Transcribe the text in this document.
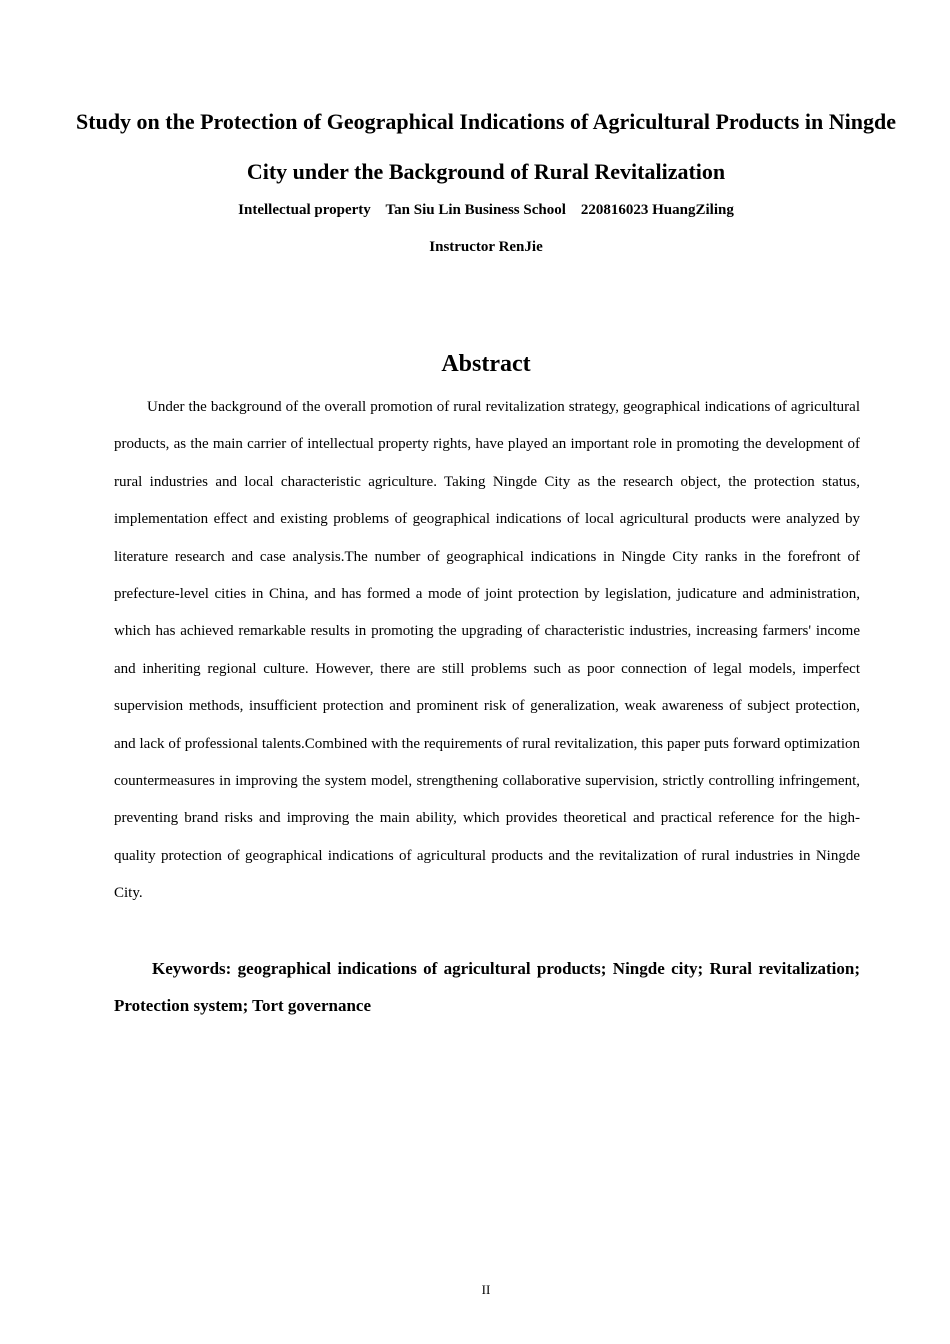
Study on the Protection of Geographical Indications of Agricultural Products in Ningde City under the Background of Rural Revitalization

Intellectual property    Tan Siu Lin Business School    220816023 HuangZiling

Instructor RenJie

Abstract

Under the background of the overall promotion of rural revitalization strategy, geographical indications of agricultural products, as the main carrier of intellectual property rights, have played an important role in promoting the development of rural industries and local characteristic agriculture. Taking Ningde City as the research object, the protection status, implementation effect and existing problems of geographical indications of local agricultural products were analyzed by literature research and case analysis.The number of geographical indications in Ningde City ranks in the forefront of prefecture-level cities in China, and has formed a mode of joint protection by legislation, judicature and administration, which has achieved remarkable results in promoting the upgrading of characteristic industries, increasing farmers' income and inheriting regional culture. However, there are still problems such as poor connection of legal models, imperfect supervision methods, insufficient protection and prominent risk of generalization, weak awareness of subject protection, and lack of professional talents.Combined with the requirements of rural revitalization, this paper puts forward optimization countermeasures in improving the system model, strengthening collaborative supervision, strictly controlling infringement, preventing brand risks and improving the main ability, which provides theoretical and practical reference for the high-quality protection of geographical indications of agricultural products and the revitalization of rural industries in Ningde City.

Keywords: geographical indications of agricultural products; Ningde city; Rural revitalization; Protection system; Tort governance

II
